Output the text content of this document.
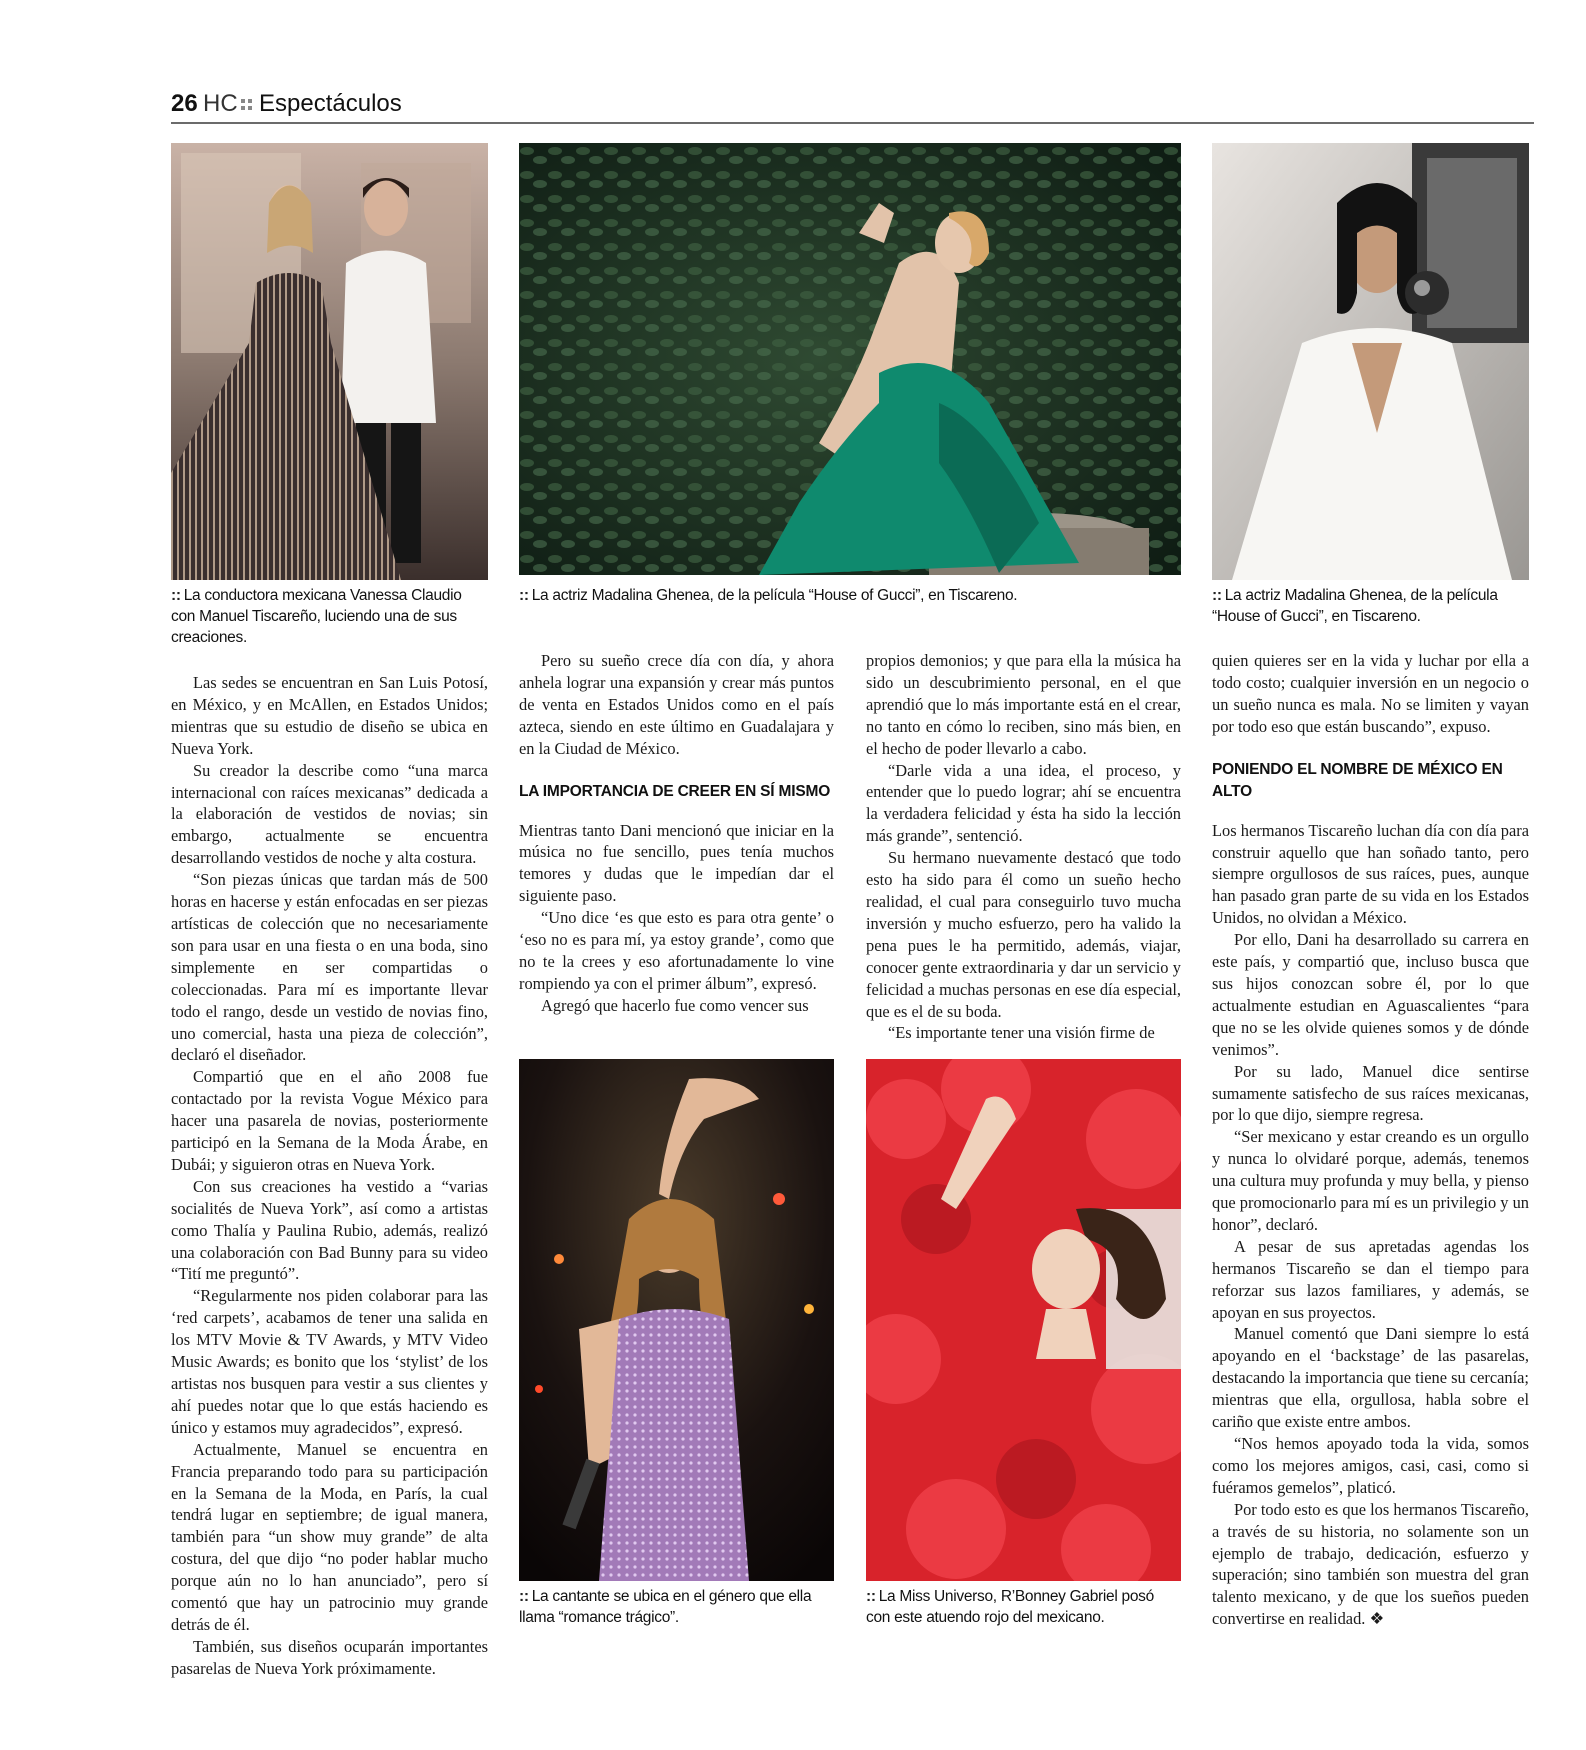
26 HC Espectáculos
:: La conductora mexicana Vanessa Claudio con Manuel Tiscareño, luciendo una de sus creaciones.
:: La actriz Madalina Ghenea, de la película “House of Gucci”, en Tiscareno.	:: La actriz Madalina Ghenea, de la película “House of Gucci”, en Tiscareno.
:: La cantante se ubica en el género que ella llama “romance trágico”.
:: La Miss Universo, R’Bonney Gabriel posó con este atuendo rojo del mexicano.

Las sedes se encuentran en San Luis Potosí, en México, y en McAllen, en Estados Unidos; mientras que su estudio de diseño se ubica en Nueva York.

Su creador la describe como “una marca internacional con raíces mexicanas” dedicada a la elaboración de vestidos de novias; sin embargo, actualmente se encuentra desarrollando vestidos de noche y alta costura.

“Son piezas únicas que tardan más de 500 horas en hacerse y están enfocadas en ser piezas artísticas de colección que no necesariamente son para usar en una fiesta o en una boda, sino simplemente en ser compartidas o coleccionadas. Para mí es importante llevar todo el rango, desde un vestido de novias fino, uno comercial, hasta una pieza de colección”, declaró el diseñador.

Compartió que en el año 2008 fue contactado por la revista Vogue México para hacer una pasarela de novias, posteriormente participó en la Semana de la Moda Árabe, en Dubái; y siguieron otras en Nueva York.

Con sus creaciones ha vestido a “varias socialités de Nueva York”, así como a artistas como Thalía y Paulina Rubio, además, realizó una colaboración con Bad Bunny para su video “Tití me preguntó”.

“Regularmente nos piden colaborar para las ‘red carpets’, acabamos de tener una salida en los MTV Movie & TV Awards, y MTV Video Music Awards; es bonito que los ‘stylist’ de los artistas nos busquen para vestir a sus clientes y ahí puedes notar que lo que estás haciendo es único y estamos muy agradecidos”, expresó.

Actualmente, Manuel se encuentra en Francia preparando todo para su participación en la Semana de la Moda, en París, la cual tendrá lugar en septiembre; de igual manera, también para “un show muy grande” de alta costura, del que dijo “no poder hablar mucho porque aún no lo han anunciado”, pero sí comentó que hay un patrocinio muy grande detrás de él.

También, sus diseños ocuparán importantes pasarelas de Nueva York próximamente.

Pero su sueño crece día con día, y ahora anhela lograr una expansión y crear más puntos de venta en Estados Unidos como en el país azteca, siendo en este último en Guadalajara y en la Ciudad de México.

LA IMPORTANCIA DE CREER EN SÍ MISMO

Mientras tanto Dani mencionó que iniciar en la música no fue sencillo, pues tenía muchos temores y dudas que le impedían dar el siguiente paso.

“Uno dice ‘es que esto es para otra gente’ o ‘eso no es para mí, ya estoy grande’, como que no te la crees y eso afortunadamente lo vine rompiendo ya con el primer álbum”, expresó.

Agregó que hacerlo fue como vencer sus

propios demonios; y que para ella la música ha sido un descubrimiento personal, en el que aprendió que lo más importante está en el crear, no tanto en cómo lo reciben, sino más bien, en el hecho de poder llevarlo a cabo.

“Darle vida a una idea, el proceso, y entender que lo puedo lograr; ahí se encuentra la verdadera felicidad y ésta ha sido la lección más grande”, sentenció.

Su hermano nuevamente destacó que todo esto ha sido para él como un sueño hecho realidad, el cual para conseguirlo tuvo mucha inversión y mucho esfuerzo, pero ha valido la pena pues le ha permitido, además, viajar, conocer gente extraordinaria y dar un servicio y felicidad a muchas personas en ese día especial, que es el de su boda.

“Es importante tener una visión firme de

quien quieres ser en la vida y luchar por ella a todo costo; cualquier inversión en un negocio o un sueño nunca es mala. No se limiten y vayan por todo eso que están buscando”, expuso.

PONIENDO EL NOMBRE DE MÉXICO EN ALTO

Los hermanos Tiscareño luchan día con día para construir aquello que han soñado tanto, pero siempre orgullosos de sus raíces, pues, aunque han pasado gran parte de su vida en los Estados Unidos, no olvidan a México.

Por ello, Dani ha desarrollado su carrera en este país, y compartió que, incluso busca que sus hijos conozcan sobre él, por lo que actualmente estudian en Aguascalientes “para que no se les olvide quienes somos y de dónde venimos”.

Por su lado, Manuel dice sentirse sumamente satisfecho de sus raíces mexicanas, por lo que dijo, siempre regresa.

“Ser mexicano y estar creando es un orgullo y nunca lo olvidaré porque, además, tenemos una cultura muy profunda y muy bella, y pienso que promocionarlo para mí es un privilegio y un honor”, declaró.

A pesar de sus apretadas agendas los hermanos Tiscareño se dan el tiempo para reforzar sus lazos familiares, y además, se apoyan en sus proyectos.

Manuel comentó que Dani siempre lo está apoyando en el ‘backstage’ de las pasarelas, destacando la importancia que tiene su cercanía; mientras que ella, orgullosa, habla sobre el cariño que existe entre ambos.

“Nos hemos apoyado toda la vida, somos como los mejores amigos, casi, casi, como si fuéramos gemelos”, platicó.

Por todo esto es que los hermanos Tiscareño, a través de su historia, no solamente son un ejemplo de trabajo, dedicación, esfuerzo y superación; sino también son muestra del gran talento mexicano, y de que los sueños pueden convertirse en realidad. ❖
